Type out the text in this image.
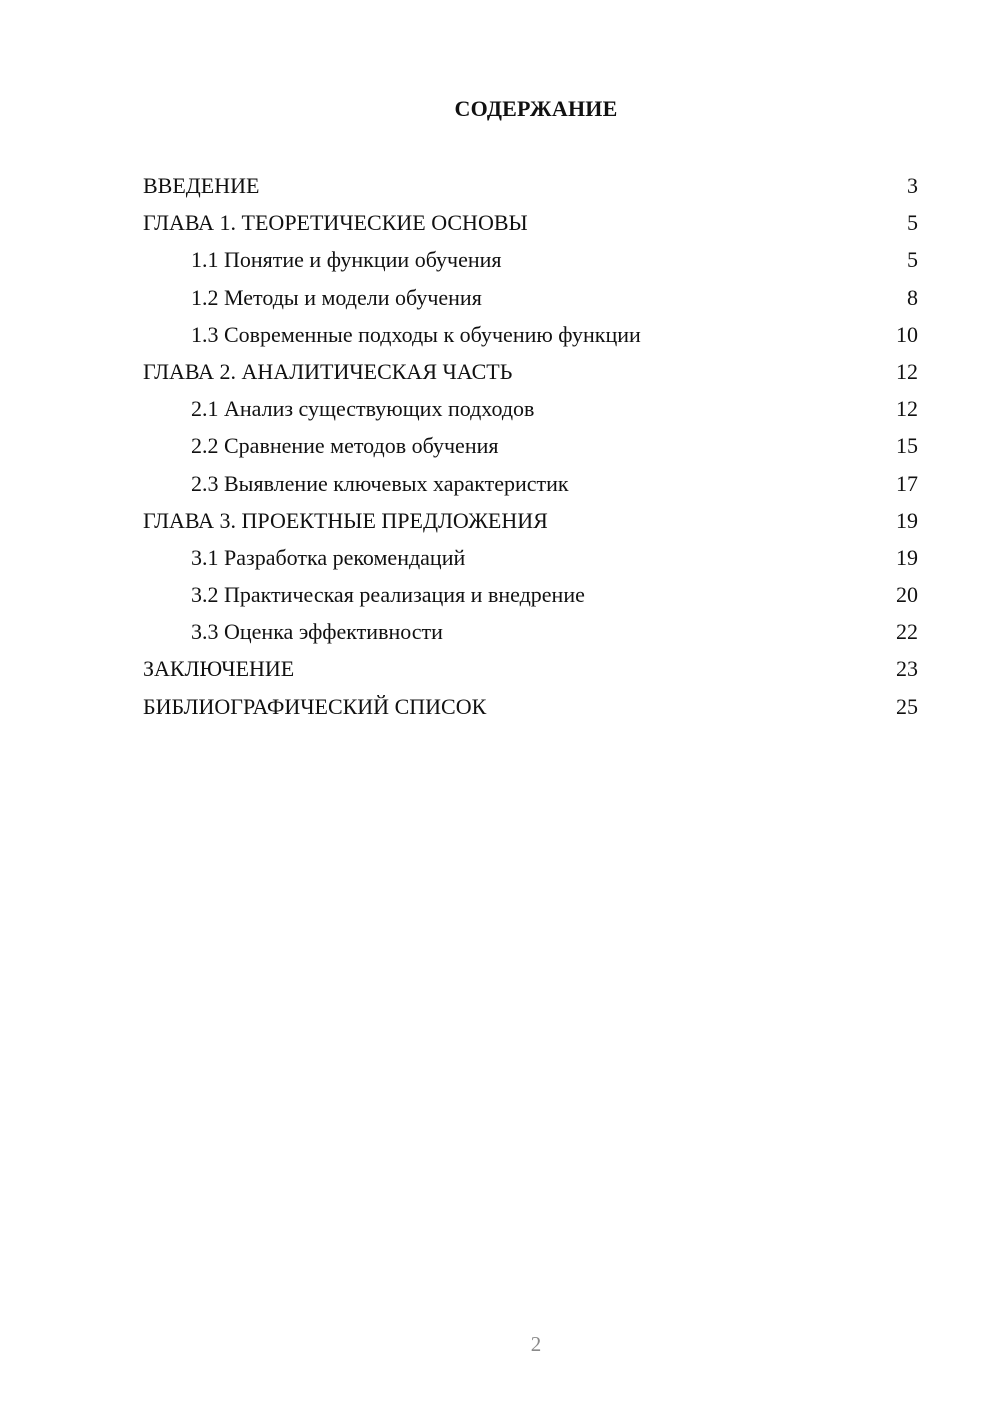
СОДЕРЖАНИЕ
ВВЕДЕНИЕ	3
ГЛАВА 1. ТЕОРЕТИЧЕСКИЕ ОСНОВЫ	5
1.1 Понятие и функции обучения	5
1.2 Методы и модели обучения	8
1.3 Современные подходы к обучению функции	10
ГЛАВА 2. АНАЛИТИЧЕСКАЯ ЧАСТЬ	12
2.1 Анализ существующих подходов	12
2.2 Сравнение методов обучения	15
2.3 Выявление ключевых характеристик	17
ГЛАВА 3. ПРОЕКТНЫЕ ПРЕДЛОЖЕНИЯ	19
3.1 Разработка рекомендаций	19
3.2 Практическая реализация и внедрение	20
3.3 Оценка эффективности	22
ЗАКЛЮЧЕНИЕ	23
БИБЛИОГРАФИЧЕСКИЙ СПИСОК	25
2
